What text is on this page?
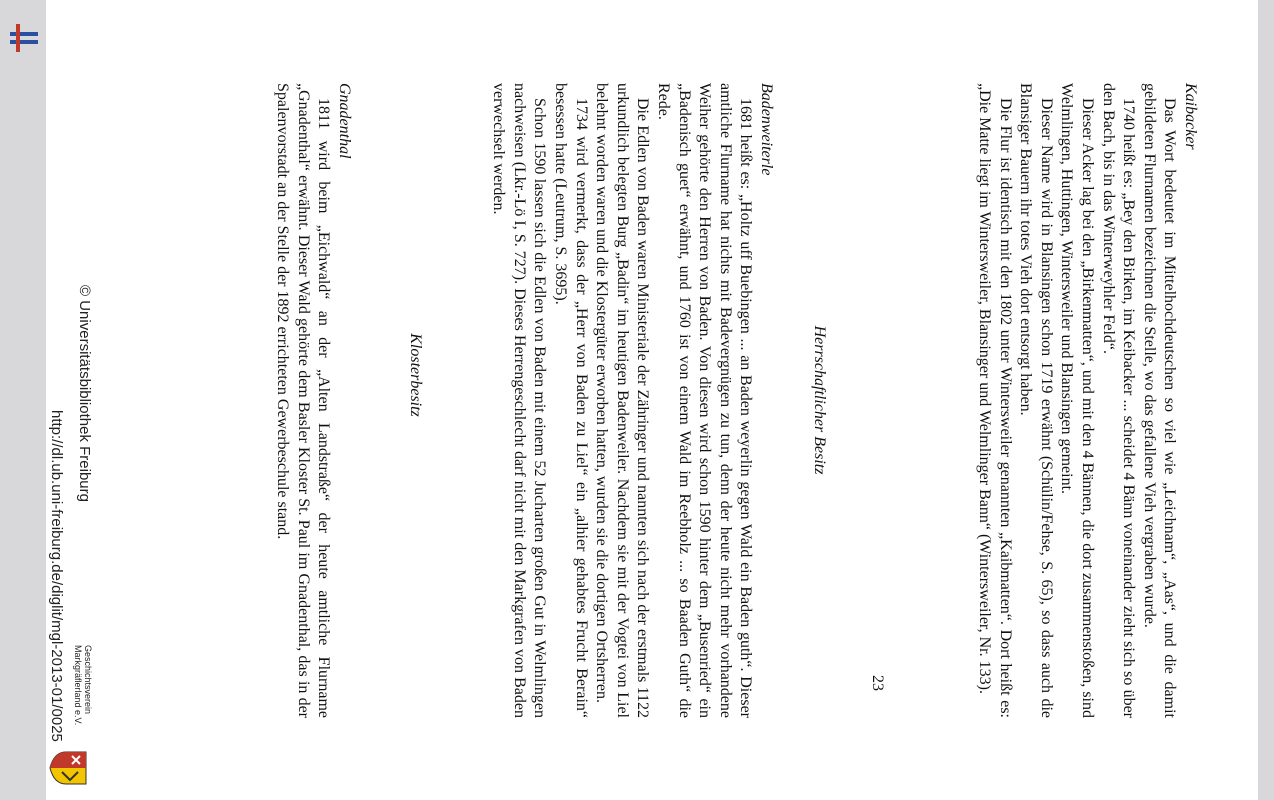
Kaibacker

Das Wort bedeutet im Mittelhochdeutschen so viel wie „Leichnam“, „Aas“, und die damit gebildeten Flurnamen bezeichnen die Stelle, wo das gefallene Vieh vergraben wurde.

1740 heißt es: „Bey den Birken, im Keibacker ... scheidet 4 Bänn voneinander zieht sich so über den Bach, bis in das Winterweyhler Feld“.

Dieser Acker lag bei den „Birkenmatten“, und mit den 4 Bännen, die dort zusammenstoßen, sind Welmlingen, Huttingen, Wintersweiler und Blansingen gemeint.

Dieser Name wird in Blansingen schon 1719 erwähnt (Schülin/Fehse, S. 65), so dass auch die Blansiger Bauern ihr totes Vieh dort entsorgt haben.

Die Flur ist identisch mit den 1802 unter Wintersweiler genannten „Kaibmatten“. Dort heißt es: „Die Matte liegt im Wintersweiler, Blansinger und Welmlinger Bann“ (Wintersweiler, Nr. 133).

Herrschaftlicher Besitz

Badenweiterle

1681 heißt es: „Holtz uff Buebingen ... an Baden weyerlin gegen Wald ein Baden guth“. Dieser amtliche Flurname hat nichts mit Badevergnügen zu tun, denn der heute nicht mehr vorhandene Weiher gehörte den Herren von Baden. Von diesen wird schon 1590 hinter dem „Busenried“ ein „Badenisch guet“ erwähnt, und 1760 ist von einem Wald im Reebholz ... so Baaden Guth“ die Rede.

Die Edlen von Baden waren Ministeriale der Zähringer und nannten sich nach der erstmals 1122 urkundlich belegten Burg „Badin“ im heutigen Badenweiler. Nachdem sie mit der Vogtei von Liel belehnt worden waren und die Klostergüter erworben hatten, wurden sie die dortigen Ortsherren.

1734 wird vermerkt, dass der „Herr von Baden zu Liel“ ein „alhier gehabtes Frucht Berain“ besessen hatte (Leutrum, S. 3695).

Schon 1590 lassen sich die Edlen von Baden mit einem 52 Jucharten großen Gut in Welmlingen nachweisen (Lkr.-Lö I, S. 727). Dieses Herrengeschlecht darf nicht mit den Markgrafen von Baden verwechselt werden.

Klosterbesitz

Gnadenthal

1811 wird beim „Eichwald“ an der „Alten Landstraße“ der heute amtliche Flurname „Gnadenthal“ erwähnt. Dieser Wald gehörte dem Basler Kloster St. Paul im Gnadenthal, das in der Spalenvorstadt an der Stelle der 1892 errichteten Gewerbeschule stand.

23
http://dl.ub.uni-freiburg.de/diglit/mgl-2013-01/0025
© Universitätsbibliothek Freiburg
Geschichtsverein Markgräflerland e.V.
